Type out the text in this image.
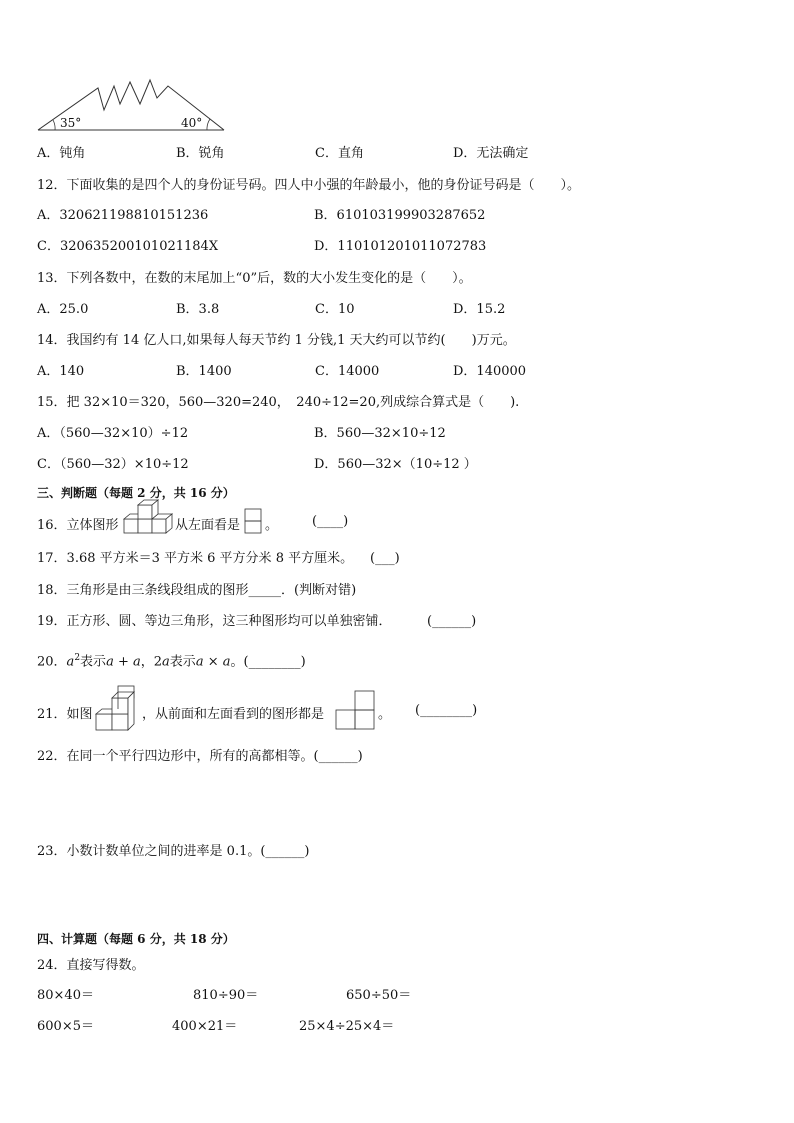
35°	40°
A．钝角	B．锐角	C．直角	D．无法确定
12．下面收集的是四个人的身份证号码。四人中小强的年龄最小，他的身份证号码是（　　）。
A．320621198810151236	B．610103199903287652
C．320635200101021184X	D．110101201011072783
13．下列各数中，在数的末尾加上“0”后，数的大小发生变化的是（　　）。
A．25.0	B．3.8	C．10	D．15.2
14．我国约有 14 亿人口,如果每人每天节约 1 分钱,1 天大约可以节约(　　)万元。
A．140	B．1400	C．14000	D．140000
15．把 32×10＝320，560—320=240，　240÷12=20,列成综合算式是（　　).
A．（560—32×10）÷12	B．560—32×10÷12
C．（560—32）×10÷12	D．560—32×（10÷12 ）
三、判断题（每题 2 分，共 16 分）
16．立体图形	从左面看是 。	(____)
17．3.68 平方米＝3 平方米 6 平方分米 8 平方厘米。 (___)
18．三角形是由三条线段组成的图形_____．(判断对错)
19．正方形、圆、等边三角形，这三种图形均可以单独密铺．	(______)
20．$a^2$表示a + a，2a表示a × a。(________)
21．如图	，从前面和左面看到的图形都是	。 (________)
22．在同一个平行四边形中，所有的高都相等。(______)
23．小数计数单位之间的进率是 0.1。(______)
四、计算题（每题 6 分，共 18 分）
24．直接写得数。
80×40＝	810÷90＝	650÷50＝
600×5＝	400×21＝	25×4÷25×4＝
